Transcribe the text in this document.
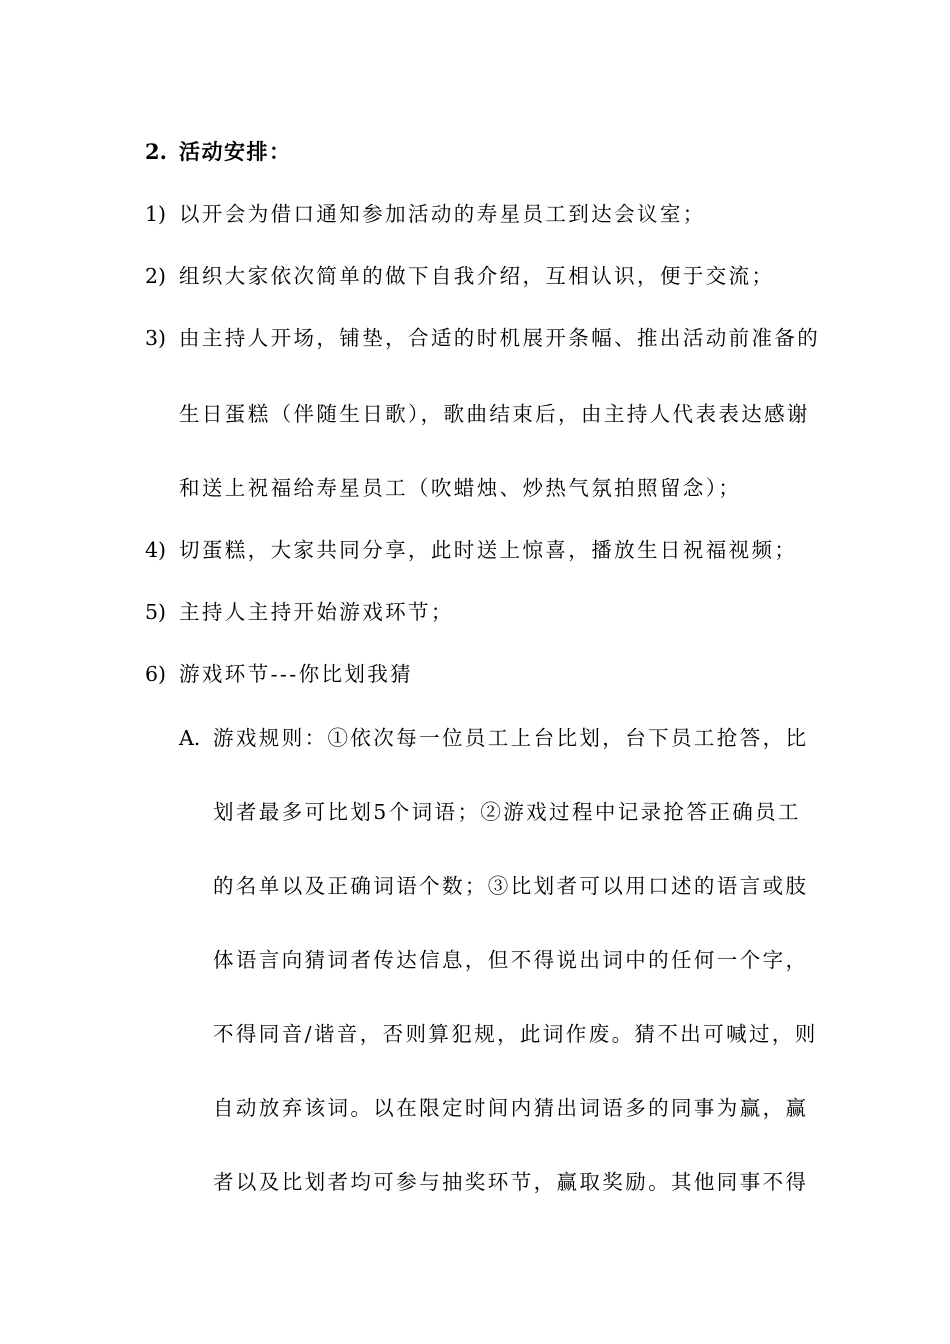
2. 活动安排：
1) 以开会为借口通知参加活动的寿星员工到达会议室；
2) 组织大家依次简单的做下自我介绍，互相认识，便于交流；
3) 由主持人开场，铺垫，合适的时机展开条幅、推出活动前准备的
生日蛋糕（伴随生日歌），歌曲结束后，由主持人代表表达感谢
和送上祝福给寿星员工（吹蜡烛、炒热气氛拍照留念）；
4) 切蛋糕，大家共同分享，此时送上惊喜，播放生日祝福视频；
5) 主持人主持开始游戏环节；
6) 游戏环节---你比划我猜
A. 游戏规则：①依次每一位员工上台比划，台下员工抢答，比
划者最多可比划5个词语；②游戏过程中记录抢答正确员工
的名单以及正确词语个数；③比划者可以用口述的语言或肢
体语言向猜词者传达信息，但不得说出词中的任何一个字，
不得同音/谐音，否则算犯规，此词作废。猜不出可喊过，则
自动放弃该词。以在限定时间内猜出词语多的同事为赢，赢
者以及比划者均可参与抽奖环节，赢取奖励。其他同事不得
